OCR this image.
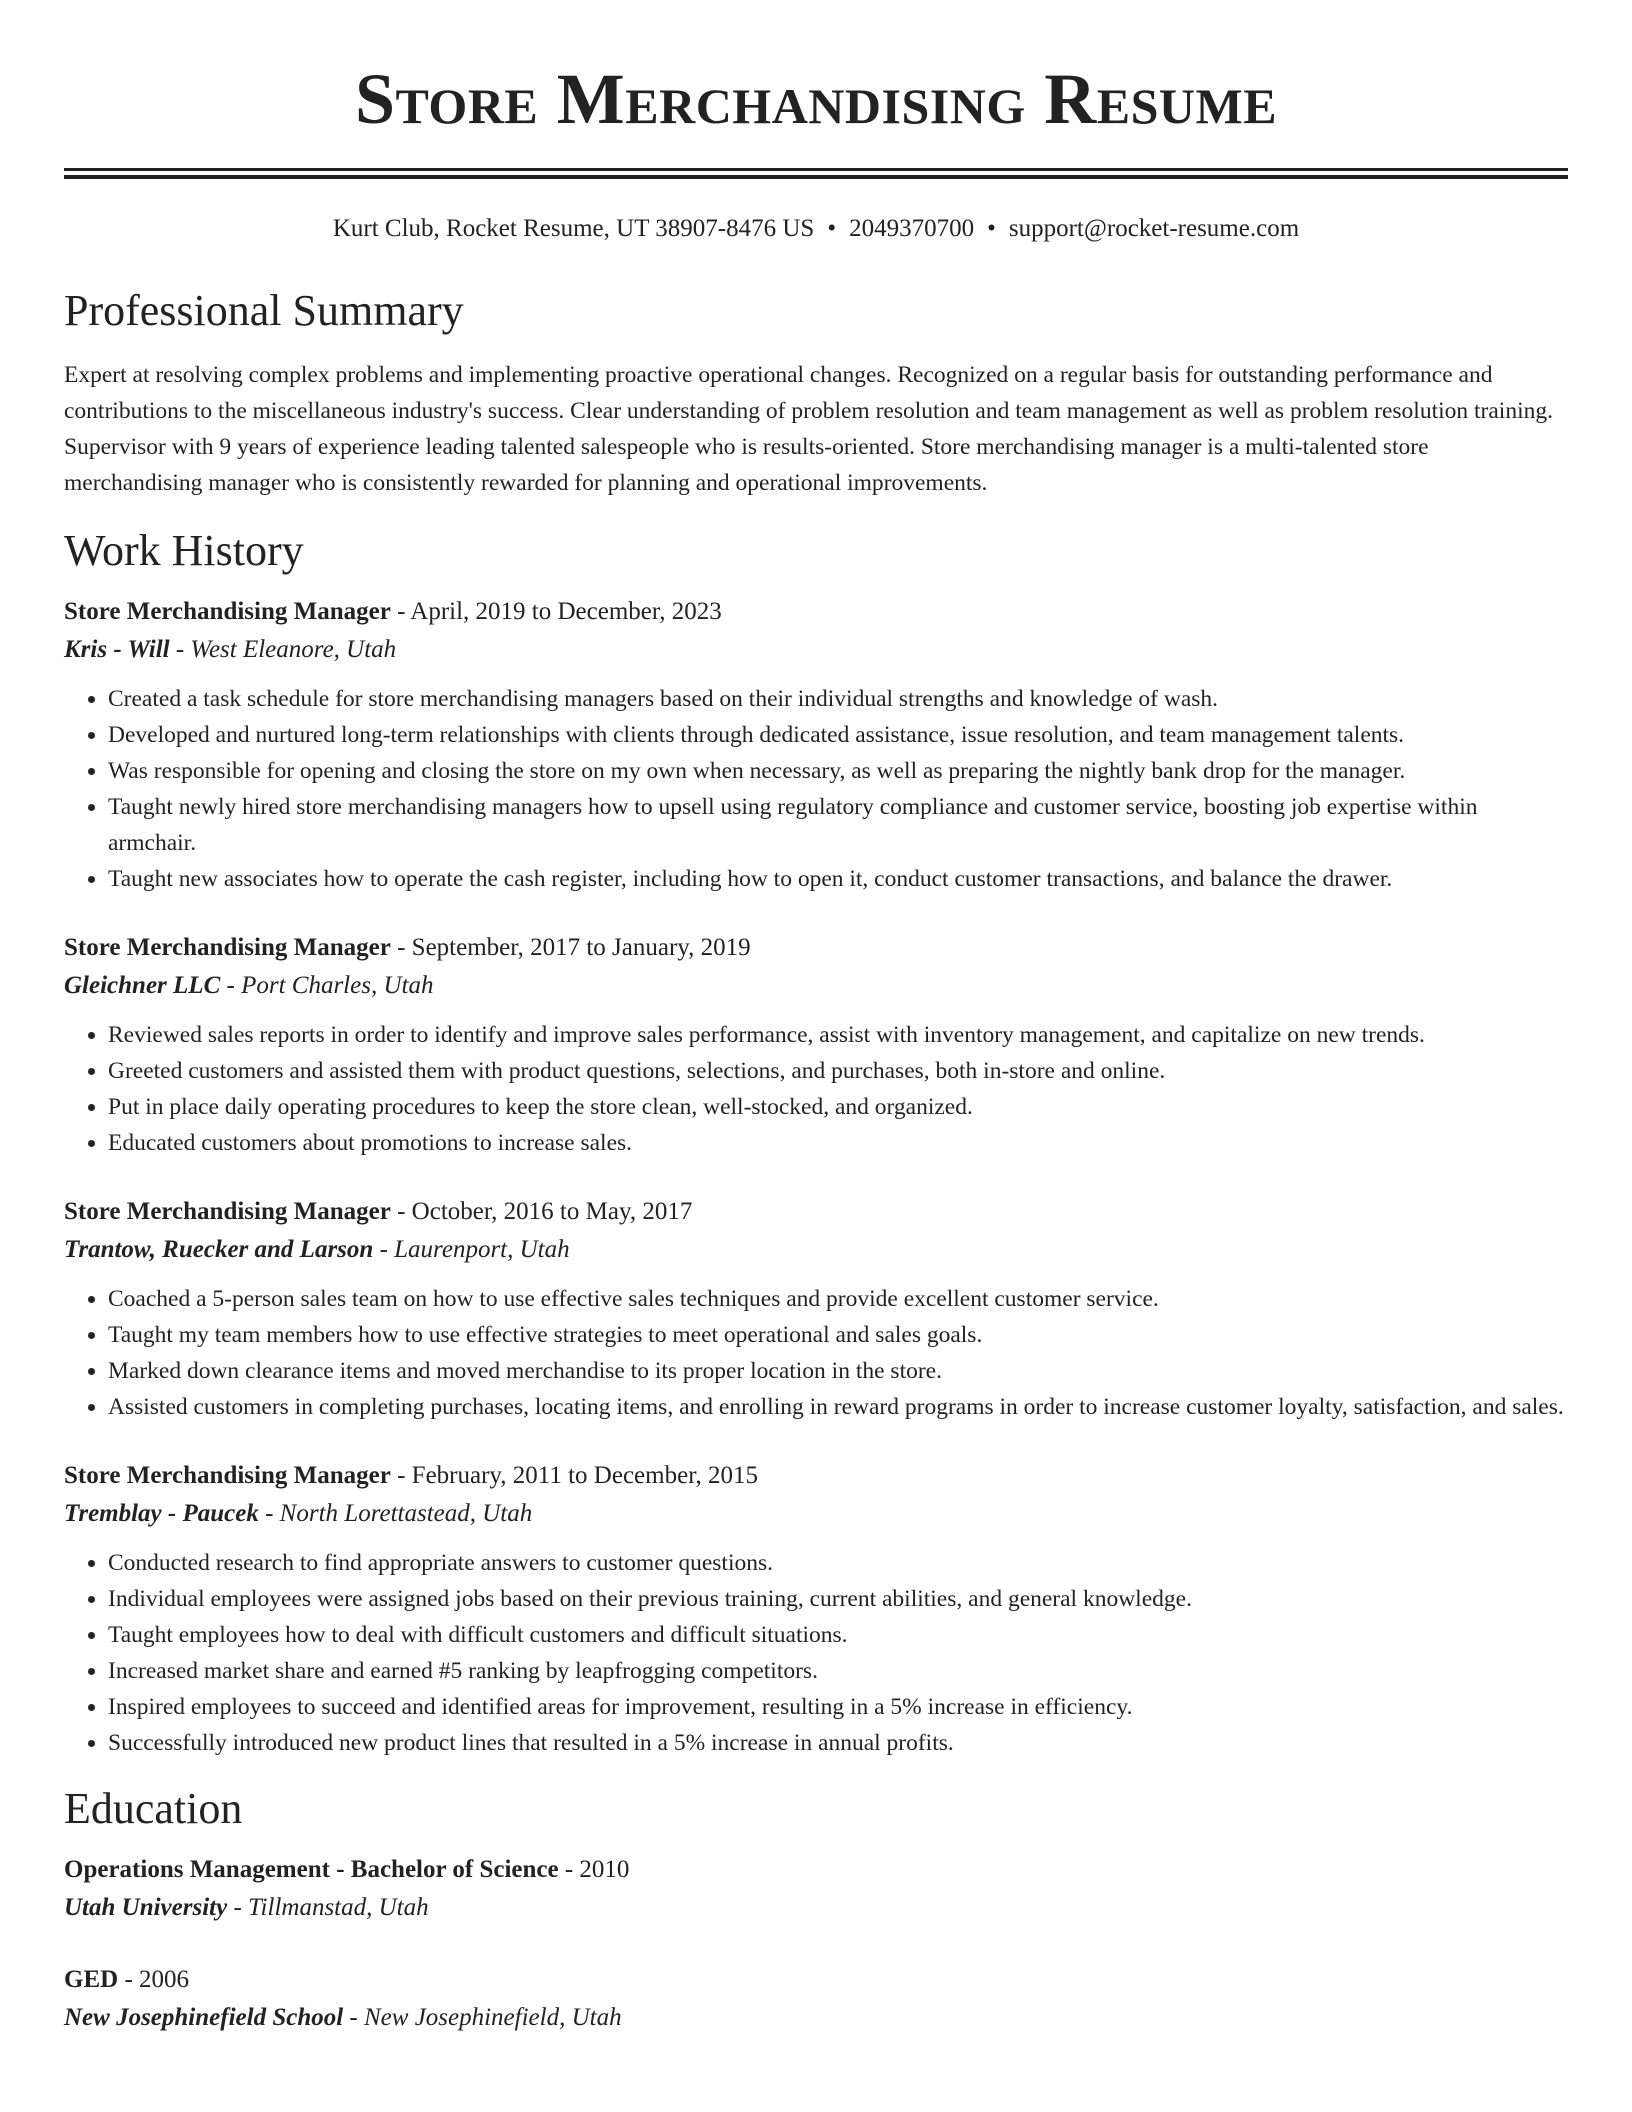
Store Merchandising Resume
Kurt Club, Rocket Resume, UT 38907-8476 US • 2049370700 • support@rocket-resume.com
Professional Summary

Expert at resolving complex problems and implementing proactive operational changes. Recognized on a regular basis for outstanding performance and contributions to the miscellaneous industry's success. Clear understanding of problem resolution and team management as well as problem resolution training. Supervisor with 9 years of experience leading talented salespeople who is results-oriented. Store merchandising manager is a multi-talented store merchandising manager who is consistently rewarded for planning and operational improvements.

Work History
Store Merchandising Manager - April, 2019 to December, 2023
Kris - Will - West Eleanore, Utah
• Created a task schedule for store merchandising managers based on their individual strengths and knowledge of wash.
• Developed and nurtured long-term relationships with clients through dedicated assistance, issue resolution, and team management talents.
• Was responsible for opening and closing the store on my own when necessary, as well as preparing the nightly bank drop for the manager.
• Taught newly hired store merchandising managers how to upsell using regulatory compliance and customer service, boosting job expertise within armchair.
• Taught new associates how to operate the cash register, including how to open it, conduct customer transactions, and balance the drawer.
Store Merchandising Manager - September, 2017 to January, 2019
Gleichner LLC - Port Charles, Utah
• Reviewed sales reports in order to identify and improve sales performance, assist with inventory management, and capitalize on new trends.
• Greeted customers and assisted them with product questions, selections, and purchases, both in-store and online.
• Put in place daily operating procedures to keep the store clean, well-stocked, and organized.
• Educated customers about promotions to increase sales.
Store Merchandising Manager - October, 2016 to May, 2017
Trantow, Ruecker and Larson - Laurenport, Utah
• Coached a 5-person sales team on how to use effective sales techniques and provide excellent customer service.
• Taught my team members how to use effective strategies to meet operational and sales goals.
• Marked down clearance items and moved merchandise to its proper location in the store.
• Assisted customers in completing purchases, locating items, and enrolling in reward programs in order to increase customer loyalty, satisfaction, and sales.
Store Merchandising Manager - February, 2011 to December, 2015
Tremblay - Paucek - North Lorettastead, Utah
• Conducted research to find appropriate answers to customer questions.
• Individual employees were assigned jobs based on their previous training, current abilities, and general knowledge.
• Taught employees how to deal with difficult customers and difficult situations.
• Increased market share and earned #5 ranking by leapfrogging competitors.
• Inspired employees to succeed and identified areas for improvement, resulting in a 5% increase in efficiency.
• Successfully introduced new product lines that resulted in a 5% increase in annual profits.
Education
Operations Management - Bachelor of Science - 2010
Utah University - Tillmanstad, Utah
GED - 2006
New Josephinefield School - New Josephinefield, Utah
